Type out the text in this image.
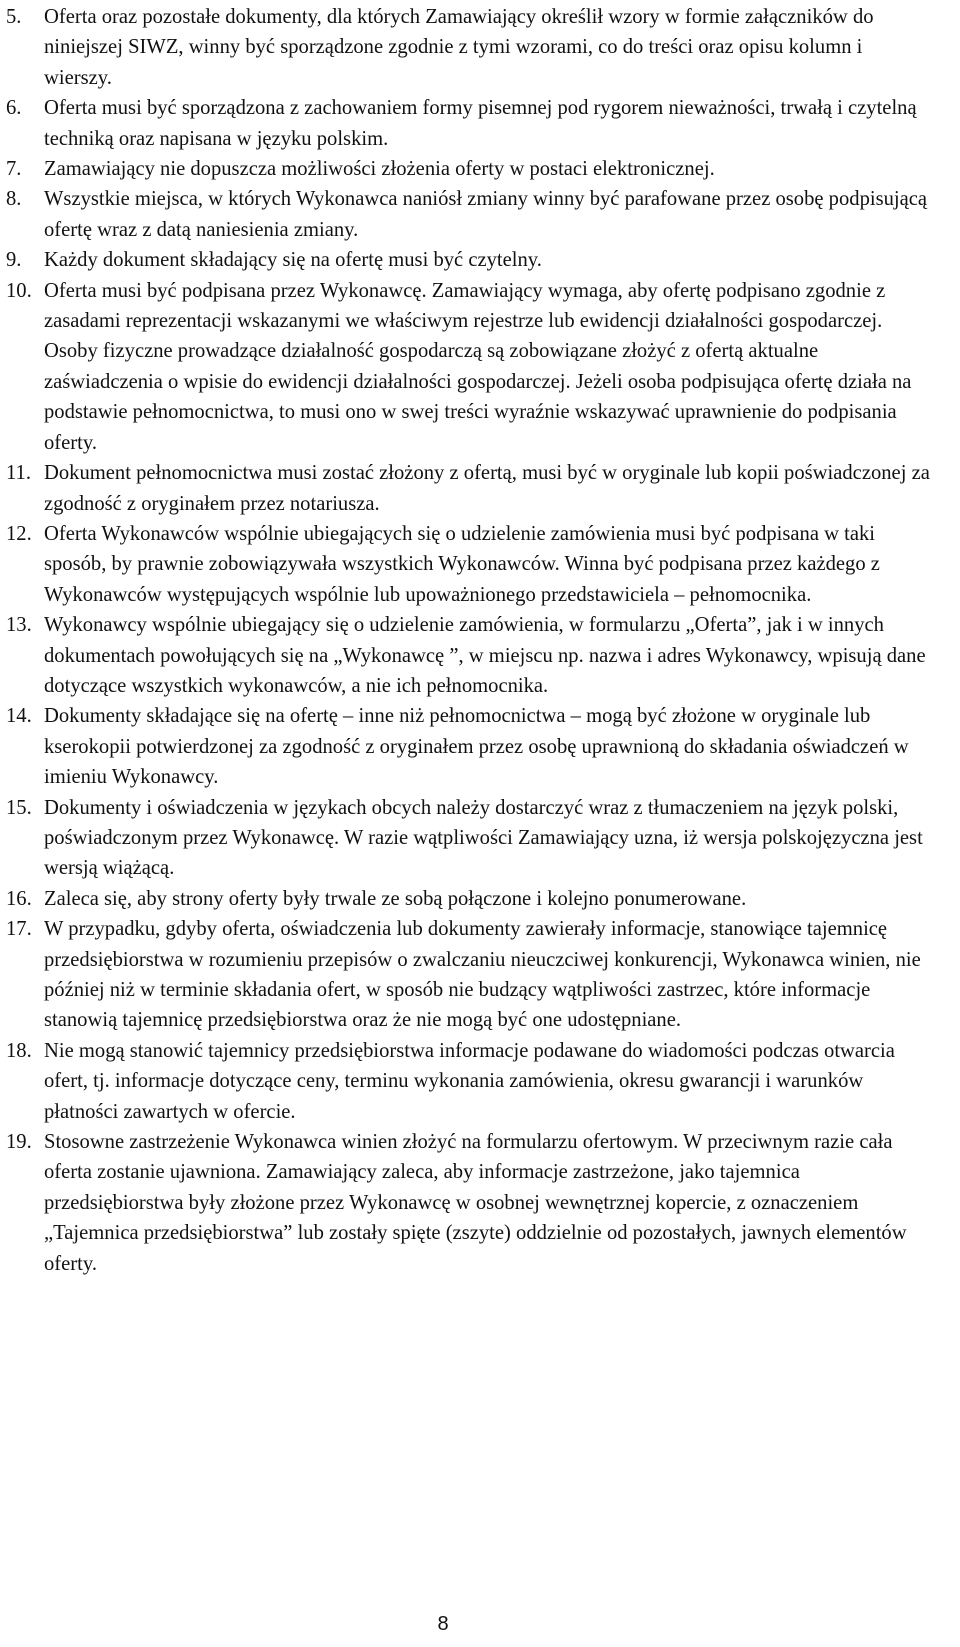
5. Oferta oraz pozostałe dokumenty, dla których Zamawiający określił wzory w formie załączników do niniejszej SIWZ, winny być sporządzone zgodnie z tymi wzorami, co do treści oraz opisu kolumn i wierszy.
6. Oferta musi być sporządzona z zachowaniem formy pisemnej pod rygorem nieważności, trwałą i czytelną techniką oraz napisana w języku polskim.
7. Zamawiający nie dopuszcza możliwości złożenia oferty w postaci elektronicznej.
8. Wszystkie miejsca, w których Wykonawca naniósł zmiany winny być parafowane przez osobę podpisującą ofertę wraz z datą naniesienia zmiany.
9. Każdy dokument składający się na ofertę musi być czytelny.
10. Oferta musi być podpisana przez Wykonawcę. Zamawiający wymaga, aby ofertę podpisano zgodnie z zasadami reprezentacji wskazanymi we właściwym rejestrze lub ewidencji działalności gospodarczej. Osoby fizyczne prowadzące działalność gospodarczą są zobowiązane złożyć z ofertą aktualne zaświadczenia o wpisie do ewidencji działalności gospodarczej. Jeżeli osoba podpisująca ofertę działa na podstawie pełnomocnictwa, to musi ono w swej treści wyraźnie wskazywać uprawnienie do podpisania oferty.
11. Dokument pełnomocnictwa musi zostać złożony z ofertą, musi być w oryginale lub kopii poświadczonej za zgodność z oryginałem przez notariusza.
12. Oferta Wykonawców wspólnie ubiegających się o udzielenie zamówienia musi być podpisana w taki sposób, by prawnie zobowiązywała wszystkich Wykonawców. Winna być podpisana przez każdego z Wykonawców występujących wspólnie lub upoważnionego przedstawiciela – pełnomocnika.
13. Wykonawcy wspólnie ubiegający się o udzielenie zamówienia, w formularzu „Oferta”, jak i w innych dokumentach powołujących się na „Wykonawcę ”, w miejscu np. nazwa i adres Wykonawcy, wpisują dane dotyczące wszystkich wykonawców, a nie ich pełnomocnika.
14. Dokumenty składające się na ofertę – inne niż pełnomocnictwa – mogą być złożone w oryginale lub kserokopii potwierdzonej za zgodność z oryginałem przez osobę uprawnioną do składania oświadczeń w imieniu Wykonawcy.
15. Dokumenty i oświadczenia w językach obcych należy dostarczyć wraz z tłumaczeniem na język polski, poświadczonym przez Wykonawcę. W razie wątpliwości Zamawiający uzna, iż wersja polskojęzyczna jest wersją wiążącą.
16. Zaleca się, aby strony oferty były trwale ze sobą połączone i kolejno ponumerowane.
17. W przypadku, gdyby oferta, oświadczenia lub dokumenty zawierały informacje, stanowiące tajemnicę przedsiębiorstwa w rozumieniu przepisów o zwalczaniu nieuczciwej konkurencji, Wykonawca winien, nie później niż w terminie składania ofert, w sposób nie budzący wątpliwości zastrzec, które informacje stanowią tajemnicę przedsiębiorstwa oraz że nie mogą być one udostępniane.
18. Nie mogą stanowić tajemnicy przedsiębiorstwa informacje podawane do wiadomości podczas otwarcia ofert, tj. informacje dotyczące ceny, terminu wykonania zamówienia, okresu gwarancji i warunków płatności zawartych w ofercie.
19. Stosowne zastrzeżenie Wykonawca winien złożyć na formularzu ofertowym. W przeciwnym razie cała oferta zostanie ujawniona. Zamawiający zaleca, aby informacje zastrzeżone, jako tajemnica przedsiębiorstwa były złożone przez Wykonawcę w osobnej wewnętrznej kopercie, z oznaczeniem „Tajemnica przedsiębiorstwa” lub zostały spięte (zszyte) oddzielnie od pozostałych, jawnych elementów oferty.
8
